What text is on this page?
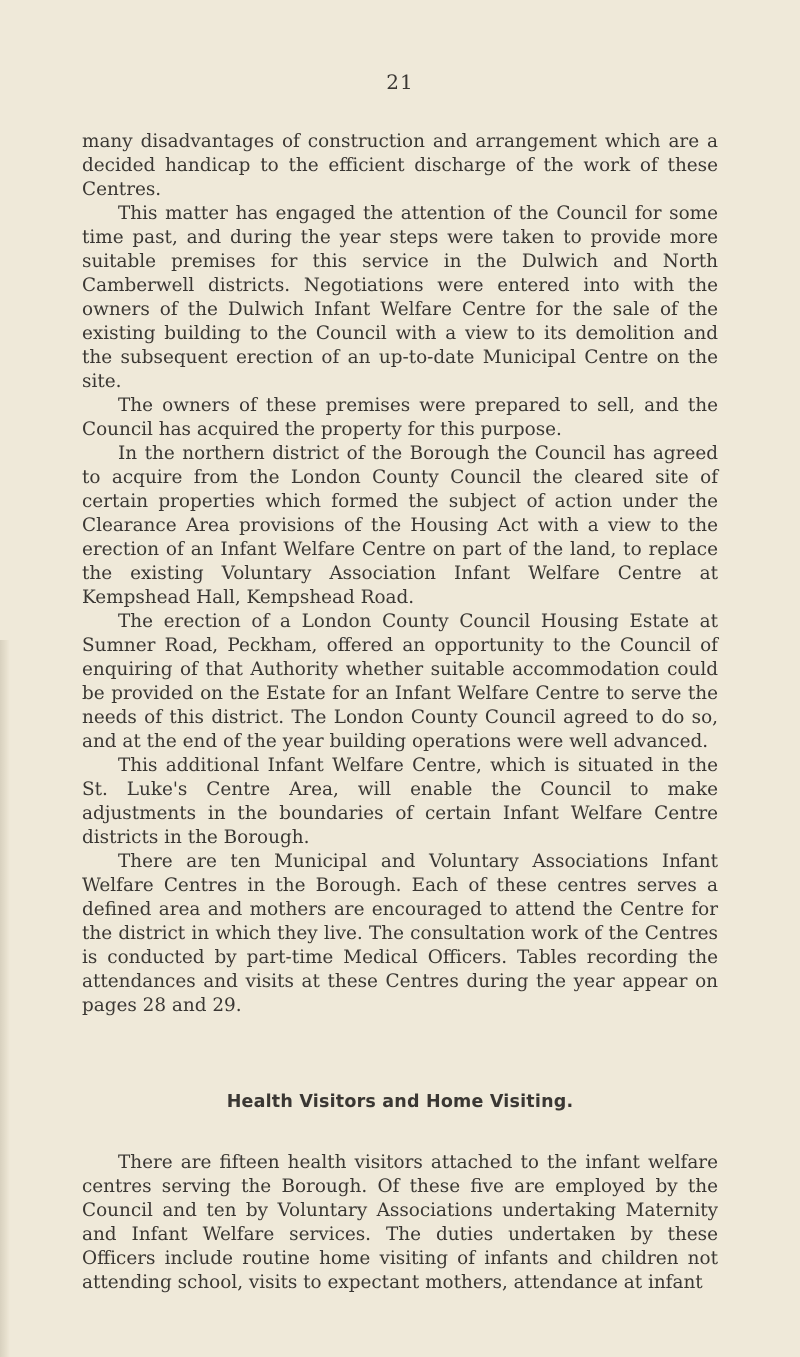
21

many disadvantages of construction and arrangement which are a decided handicap to the efficient discharge of the work of these Centres.

This matter has engaged the attention of the Council for some time past, and during the year steps were taken to provide more suitable premises for this service in the Dulwich and North Camberwell districts. Negotiations were entered into with the owners of the Dulwich Infant Welfare Centre for the sale of the existing building to the Council with a view to its demolition and the subsequent erection of an up-to-date Municipal Centre on the site.

The owners of these premises were prepared to sell, and the Council has acquired the property for this purpose.

In the northern district of the Borough the Council has agreed to acquire from the London County Council the cleared site of certain properties which formed the subject of action under the Clearance Area provisions of the Housing Act with a view to the erection of an Infant Welfare Centre on part of the land, to replace the existing Voluntary Association Infant Welfare Centre at Kempshead Hall, Kempshead Road.

The erection of a London County Council Housing Estate at Sumner Road, Peckham, offered an opportunity to the Council of enquiring of that Authority whether suitable accommodation could be provided on the Estate for an Infant Welfare Centre to serve the needs of this district. The London County Council agreed to do so, and at the end of the year building operations were well advanced.

This additional Infant Welfare Centre, which is situated in the St. Luke's Centre Area, will enable the Council to make adjustments in the boundaries of certain Infant Welfare Centre districts in the Borough.

There are ten Municipal and Voluntary Associations Infant Welfare Centres in the Borough. Each of these centres serves a defined area and mothers are encouraged to attend the Centre for the district in which they live. The consultation work of the Centres is conducted by part-time Medical Officers. Tables recording the attendances and visits at these Centres during the year appear on pages 28 and 29.

Health Visitors and Home Visiting.

There are fifteen health visitors attached to the infant welfare centres serving the Borough. Of these five are employed by the Council and ten by Voluntary Associations undertaking Maternity and Infant Welfare services. The duties undertaken by these Officers include routine home visiting of infants and children not attending school, visits to expectant mothers, attendance at infant
